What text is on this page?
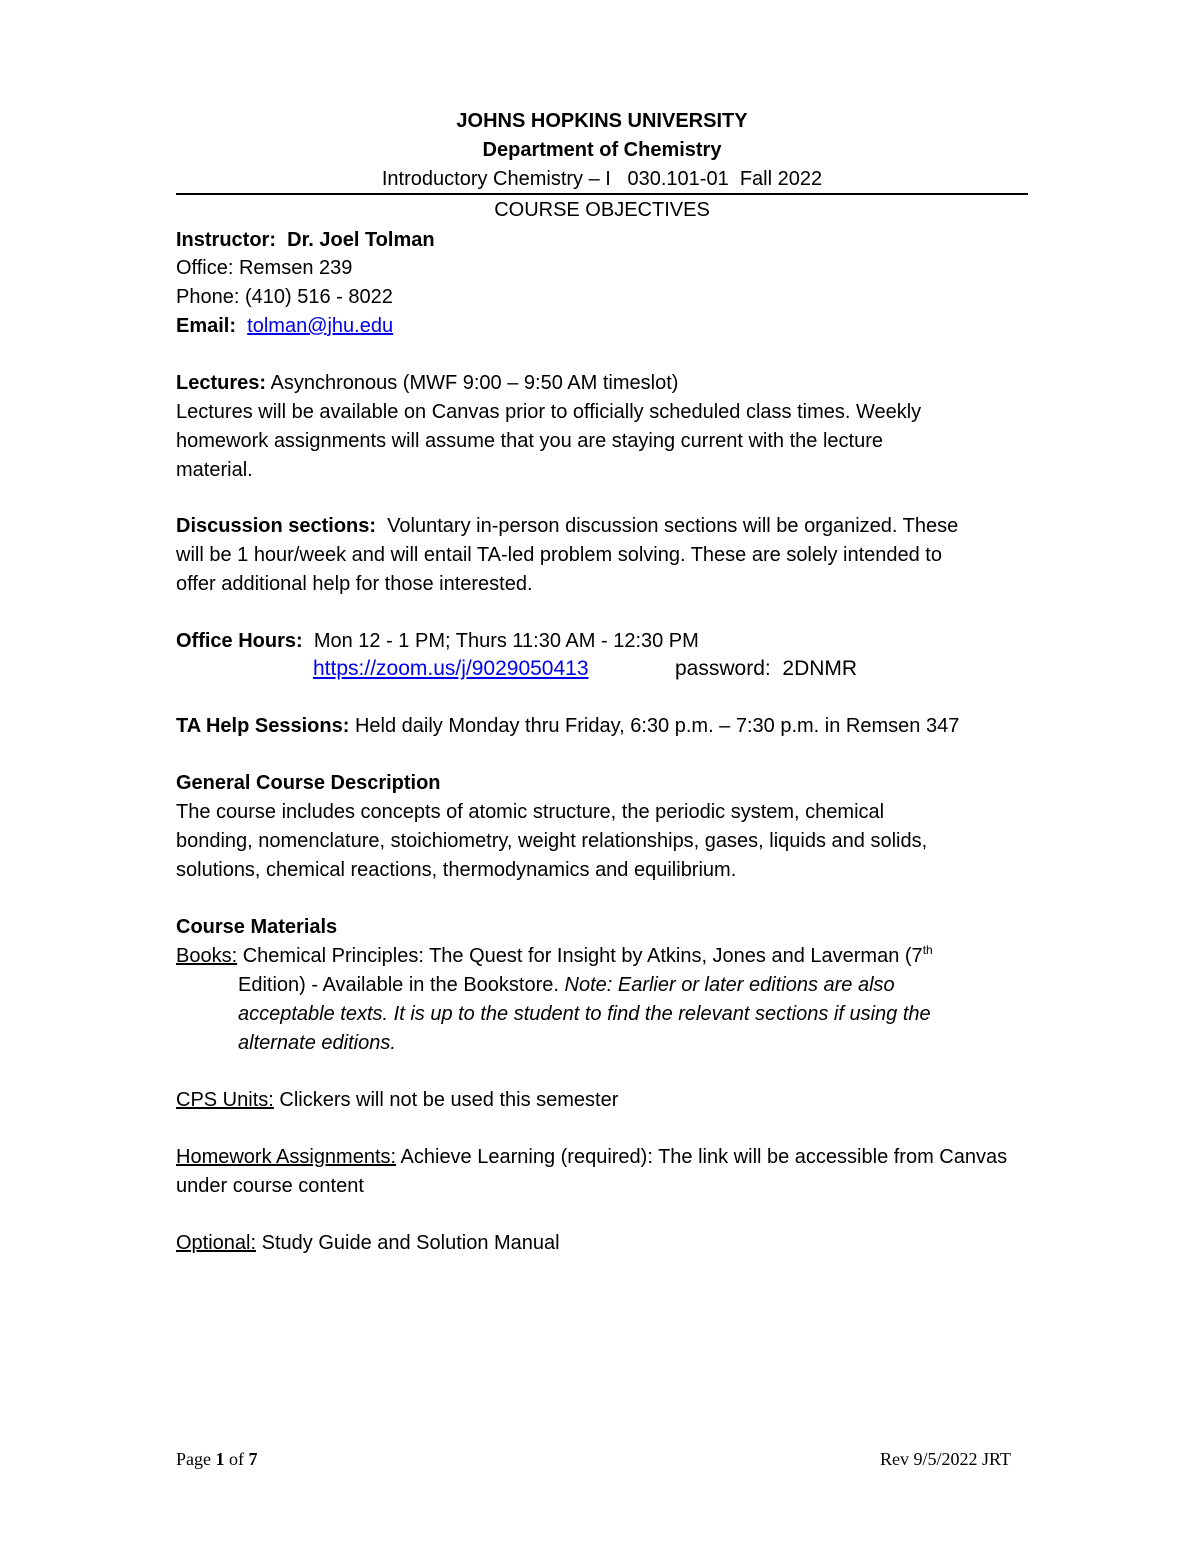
JOHNS HOPKINS UNIVERSITY
Department of Chemistry
Introductory Chemistry – I   030.101-01  Fall 2022
COURSE OBJECTIVES
Instructor: Dr. Joel Tolman
Office: Remsen 239
Phone: (410) 516 - 8022
Email: tolman@jhu.edu
Lectures: Asynchronous (MWF 9:00 – 9:50 AM timeslot)
Lectures will be available on Canvas prior to officially scheduled class times. Weekly
homework assignments will assume that you are staying current with the lecture
material.
Discussion sections: Voluntary in-person discussion sections will be organized. These
will be 1 hour/week and will entail TA-led problem solving. These are solely intended to
offer additional help for those interested.
Office Hours: Mon 12 - 1 PM; Thurs 11:30 AM - 12:30 PM
https://zoom.us/j/9029050413	password: 2DNMR
TA Help Sessions: Held daily Monday thru Friday, 6:30 p.m. – 7:30 p.m. in Remsen 347
General Course Description
The course includes concepts of atomic structure, the periodic system, chemical
bonding, nomenclature, stoichiometry, weight relationships, gases, liquids and solids,
solutions, chemical reactions, thermodynamics and equilibrium.
Course Materials
Books: Chemical Principles: The Quest for Insight by Atkins, Jones and Laverman (7th
Edition) - Available in the Bookstore. Note: Earlier or later editions are also
acceptable texts. It is up to the student to find the relevant sections if using the
alternate editions.
CPS Units: Clickers will not be used this semester
Homework Assignments: Achieve Learning (required): The link will be accessible from Canvas
under course content
Optional: Study Guide and Solution Manual
Page 1 of 7	Rev 9/5/2022 JRT
